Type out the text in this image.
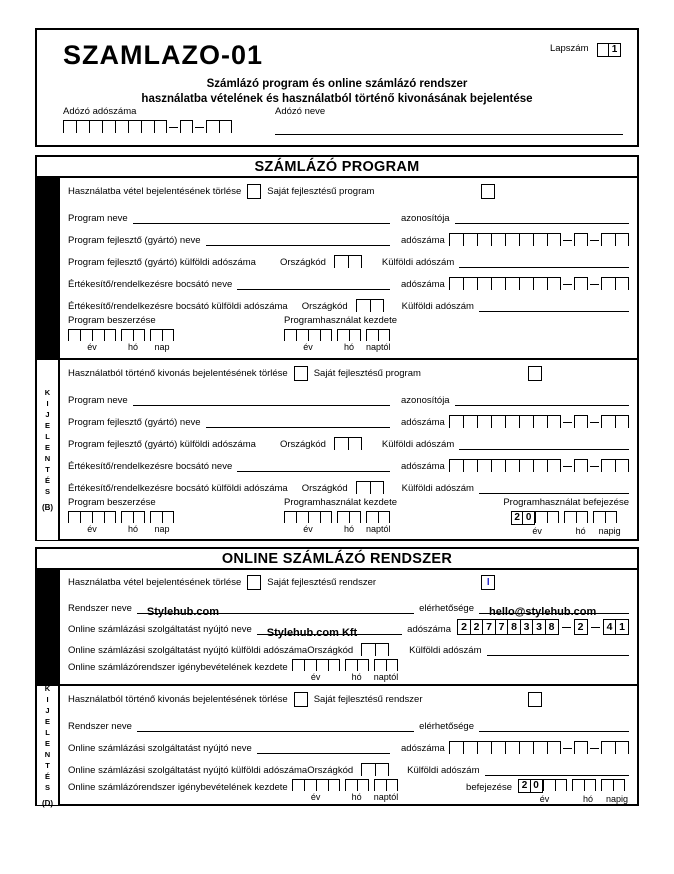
SZAMLAZO-01	Lapszám	1
Számlázó program és online számlázó rendszer
használatba vételének és használatból történő kivonásának bejelentése
Adózó adószáma	Adózó neve
SZÁMLÁZÓ PROGRAM
Használatba vétel bejelentésének törlése	Saját fejlesztésű program
Program neve	azonosítója
Program fejlesztő (gyártó) neve	adószáma
Program fejlesztő (gyártó) külföldi adószáma	Országkód	Külföldi adószám
Értékesítő/rendelkezésre bocsátó neve	adószáma
Értékesítő/rendelkezésre bocsátó külföldi adószáma Országkód	Külföldi adószám
Program beszerzése
év	hó	nap
Programhasználat kezdete
év	hó	naptól
KIJELENTÉS
(B)
Használatból történő kivonás bejelentésének törlése	Saját fejlesztésű program
Program neve	azonosítója
Program fejlesztő (gyártó) neve	adószáma
Program fejlesztő (gyártó) külföldi adószáma	Országkód	Külföldi adószám
Értékesítő/rendelkezésre bocsátó neve	adószáma
Értékesítő/rendelkezésre bocsátó külföldi adószáma Országkód	Külföldi adószám
Program beszerzése
év	hó	nap
Programhasználat kezdete
év	hó	naptól
Programhasználat befejezése
2 0
év	hó	napig
ONLINE SZÁMLÁZÓ RENDSZER
Használatba vétel bejelentésének törlése	Saját fejlesztésű rendszer	I
Rendszer neve	Stylehub.com	elérhetősége	hello@stylehub.com
Online számlázási szolgáltatást nyújtó neve	Stylehub.com Kft	adószáma 2 2 7 7 8 3 3 8	2	4 1
Online számlázási szolgáltatást nyújtó külföldi adószáma Országkód	Külföldi adószám
Online számlázórendszer igénybevételének kezdete
év	hó	naptól
KIJELENTÉS
(D)
Használatból történő kivonás bejelentésének törlése	Saját fejlesztésű rendszer
Rendszer neve	elérhetősége
Online számlázási szolgáltatást nyújtó neve	adószáma
Online számlázási szolgáltatást nyújtó külföldi adószáma Országkód	Külföldi adószám
Online számlázórendszer igénybevételének kezdete
év	hó	naptól
befejezése 2 0
év	hó	napig
